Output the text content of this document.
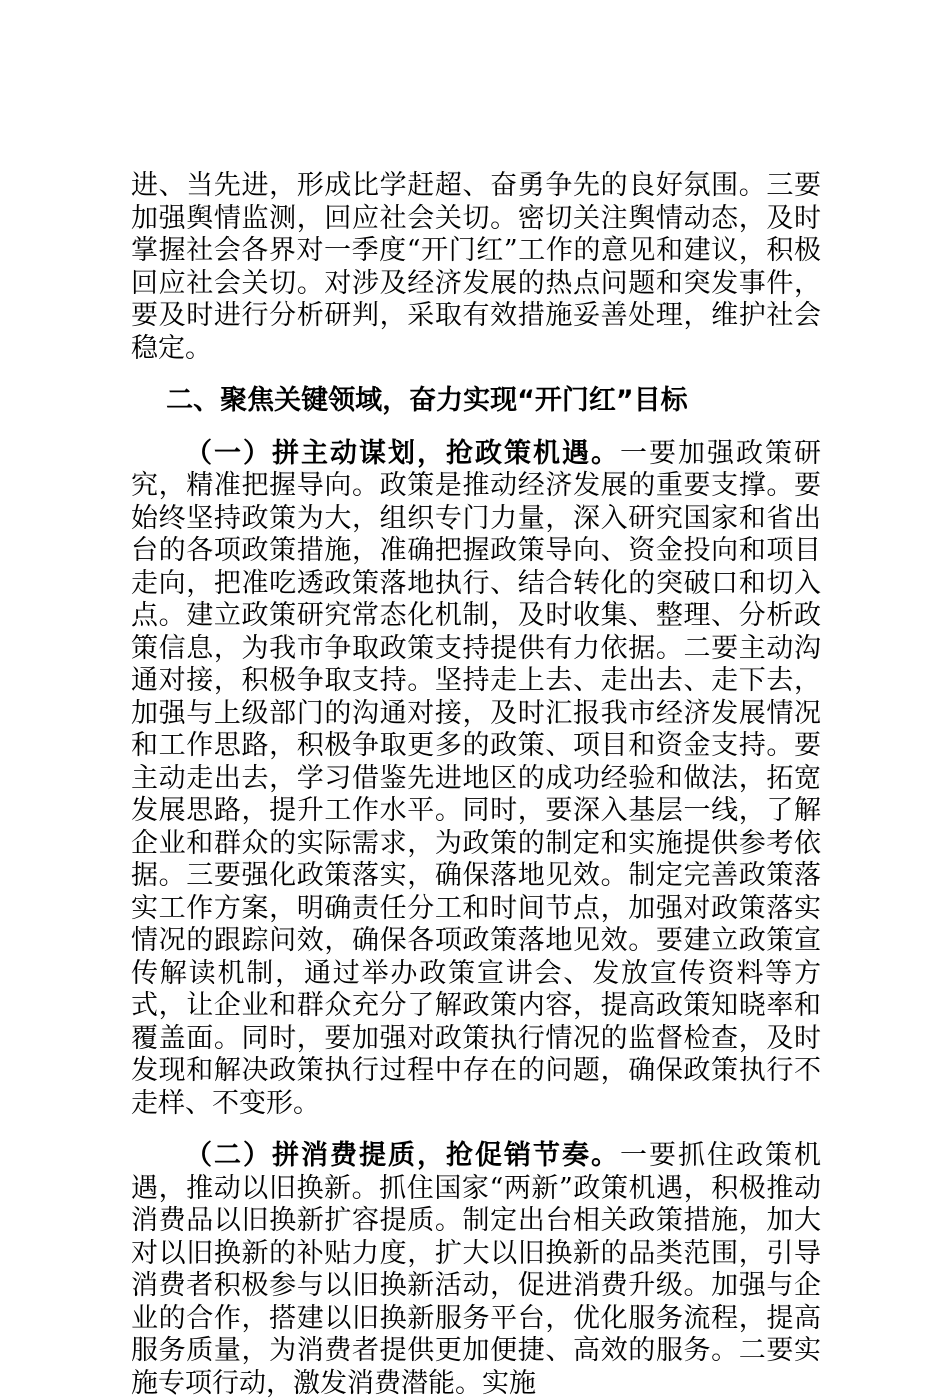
进、当先进，形成比学赶超、奋勇争先的良好氛围。三要加强舆情监测，回应社会关切。密切关注舆情动态，及时掌握社会各界对一季度“开门红”工作的意见和建议，积极回应社会关切。对涉及经济发展的热点问题和突发事件，要及时进行分析研判，采取有效措施妥善处理，维护社会稳定。

二、聚焦关键领域，奋力实现“开门红”目标

（一）拼主动谋划，抢政策机遇。一要加强政策研究，精准把握导向。政策是推动经济发展的重要支撑。要始终坚持政策为大，组织专门力量，深入研究国家和省出台的各项政策措施，准确把握政策导向、资金投向和项目走向，把准吃透政策落地执行、结合转化的突破口和切入点。建立政策研究常态化机制，及时收集、整理、分析政策信息，为我市争取政策支持提供有力依据。二要主动沟通对接，积极争取支持。坚持走上去、走出去、走下去，加强与上级部门的沟通对接，及时汇报我市经济发展情况和工作思路，积极争取更多的政策、项目和资金支持。要主动走出去，学习借鉴先进地区的成功经验和做法，拓宽发展思路，提升工作水平。同时，要深入基层一线，了解企业和群众的实际需求，为政策的制定和实施提供参考依据。三要强化政策落实，确保落地见效。制定完善政策落实工作方案，明确责任分工和时间节点，加强对政策落实情况的跟踪问效，确保各项政策落地见效。要建立政策宣传解读机制，通过举办政策宣讲会、发放宣传资料等方式，让企业和群众充分了解政策内容，提高政策知晓率和覆盖面。同时，要加强对政策执行情况的监督检查，及时发现和解决政策执行过程中存在的问题，确保政策执行不走样、不变形。

（二）拼消费提质，抢促销节奏。一要抓住政策机遇，推动以旧换新。抓住国家“两新”政策机遇，积极推动消费品以旧换新扩容提质。制定出台相关政策措施，加大对以旧换新的补贴力度，扩大以旧换新的品类范围，引导消费者积极参与以旧换新活动，促进消费升级。加强与企业的合作，搭建以旧换新服务平台，优化服务流程，提高服务质量，为消费者提供更加便捷、高效的服务。二要实施专项行动，激发消费潜能。实施
